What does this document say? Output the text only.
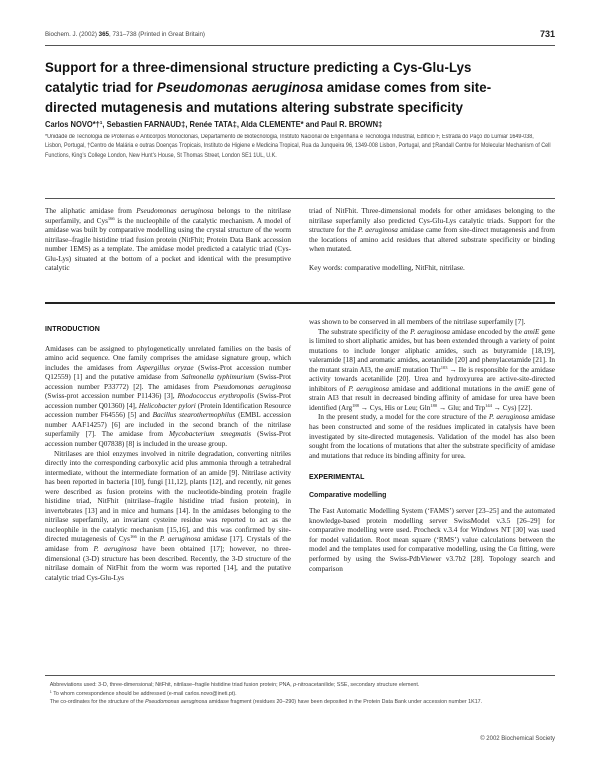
Biochem. J. (2002) 365, 731–738 (Printed in Great Britain)	731
Support for a three-dimensional structure predicting a Cys-Glu-Lys catalytic triad for Pseudomonas aeruginosa amidase comes from site-directed mutagenesis and mutations altering substrate specificity
Carlos NOVO*†¹, Sebastien FARNAUD‡, Renée TATA‡, Alda CLEMENTE* and Paul R. BROWN‡
*Unidade de Tecnologia de Proteínas e Anticorpos Monoclonais, Departamento de Biotecnologia, Instituto Nacional de Engenharia e Tecnologia Industrial, Edifício F, Estrada do Paço do Lumiar 1649-038, Lisbon, Portugal, †Centro de Malária e outras Doenças Tropicais, Instituto de Higiene e Medicina Tropical, Rua da Junqueira 96, 1349-008 Lisbon, Portugal, and ‡Randall Centre for Molecular Mechanism of Cell Functions, King’s College London, New Hunt’s House, St Thomas Street, London SE1 1UL, U.K.

The aliphatic amidase from Pseudomonas aeruginosa belongs to the nitrilase superfamily, and Cys$^{166}$ is the nucleophile of the catalytic mechanism. A model of amidase was built by comparative modelling using the crystal structure of the worm nitrilase–fragile histidine triad fusion protein (NitFhit; Protein Data Bank accession number 1EMS) as a template. The amidase model predicted a catalytic triad (Cys-Glu-Lys) situated at the bottom of a pocket and identical with the presumptive catalytic

triad of NitFhit. Three-dimensional models for other amidases belonging to the nitrilase superfamily also predicted Cys-Glu-Lys catalytic triads. Support for the structure for the P. aeruginosa amidase came from site-direct mutagenesis and from the locations of amino acid residues that altered substrate specificity or binding when mutated.

Key words: comparative modelling, NitFhit, nitrilase.

INTRODUCTION

Amidases can be assigned to phylogenetically unrelated families on the basis of amino acid sequence. One family comprises the amidase signature group, which includes the amidases from Aspergillus oryzae (Swiss-Prot accession number Q12559) [1] and the putative amidase from Salmonella typhimurium (Swiss-Prot accession number P33772) [2]. The amidases from Pseudomonas aeruginosa (Swiss-prot accession number P11436) [3], Rhodococcus erythropolis (Swiss-Prot accession number Q01360) [4], Helicobacter pylori (Protein Identification Resource accession number F64556) [5] and Bacillus stearothermophilus (EMBL accession number AAF14257) [6] are included in the second branch of the nitrilase superfamily [7]. The amidase from Mycobacterium smegmatis (Swiss-Prot accession number Q07838) [8] is included in the urease group.

Nitrilases are thiol enzymes involved in nitrile degradation, converting nitriles directly into the corresponding carboxylic acid plus ammonia through a tetrahedral intermediate, without the intermediate formation of an amide [9]. Nitrilase activity has been reported in bacteria [10], fungi [11,12], plants [12], and recently, nit genes were described as fusion proteins with the nucleotide-binding protein fragile histidine triad, NitFhit (nitrilase–fragile histidine triad fusion protein), in invertebrates [13] and in mice and humans [14]. In the amidases belonging to the nitrilase superfamily, an invariant cysteine residue was reported to act as the nucleophile in the catalytic mechanism [15,16], and this was confirmed by site-directed mutagenesis of Cys$^{166}$ in the P. aeruginosa amidase [17]. Crystals of the amidase from P. aeruginosa have been obtained [17]; however, no three-dimensional (3-D) structure has been described. Recently, the 3-D structure of the nitrilase domain of NitFhit from the worm was reported [14], and the putative catalytic triad Cys-Glu-Lys

was shown to be conserved in all members of the nitrilase superfamily [7].

The substrate specificity of the P. aeruginosa amidase encoded by the amiE gene is limited to short aliphatic amides, but has been extended through a variety of point mutations to include longer aliphatic amides, such as butyramide [18,19], valeramide [18] and aromatic amides, acetanilide [20] and phenylacetamide [21]. In the mutant strain AI3, the amiE mutation Thr$^{103}$ → Ile is responsible for the amidase activity towards acetanilide [20]. Urea and hydroxyurea are active-site-directed inhibitors of P. aeruginosa amidase and additional mutations in the amiE gene of strain AI3 that result in decreased binding affinity of amidase for urea have been identified (Arg$^{188}$ → Cys, His or Leu; Gln$^{180}$ → Glu; and Trp$^{144}$ → Cys) [22].

In the present study, a model for the core structure of the P. aeruginosa amidase has been constructed and some of the residues implicated in catalysis have been investigated by site-directed mutagenesis. Validation of the model has also been sought from the locations of mutations that alter the substrate specificity of amidase and mutations that reduce its binding affinity for urea.

EXPERIMENTAL
Comparative modelling

The Fast Automatic Modelling System (‘FAMS’) server [23–25] and the automated knowledge-based protein modelling server SwissModel v.3.5 [26–29] for comparative modelling were used. Procheck v.3.4 for Windows NT [30] was used for model validation. Root mean square (‘RMS’) value calculations between the model and the templates used for comparative modelling, using the Cα fitting, were performed by using the Swiss-PdbViewer v3.7b2 [28]. Topology search and comparison

Abbreviations used: 3-D, three-dimensional; NitFhit, nitrilase–fragile histidine triad fusion protein; PNA, p-nitroacetanilide; SSE, secondary structure element.

$^1$ To whom correspondence should be addressed (e-mail carlos.novo@ineti.pt).

The co-ordinates for the structure of the Pseudomonas aeruginosa amidase fragment (residues 20–290) have been deposited in the Protein Data Bank under accession number 1K17.

© 2002 Biochemical Society
